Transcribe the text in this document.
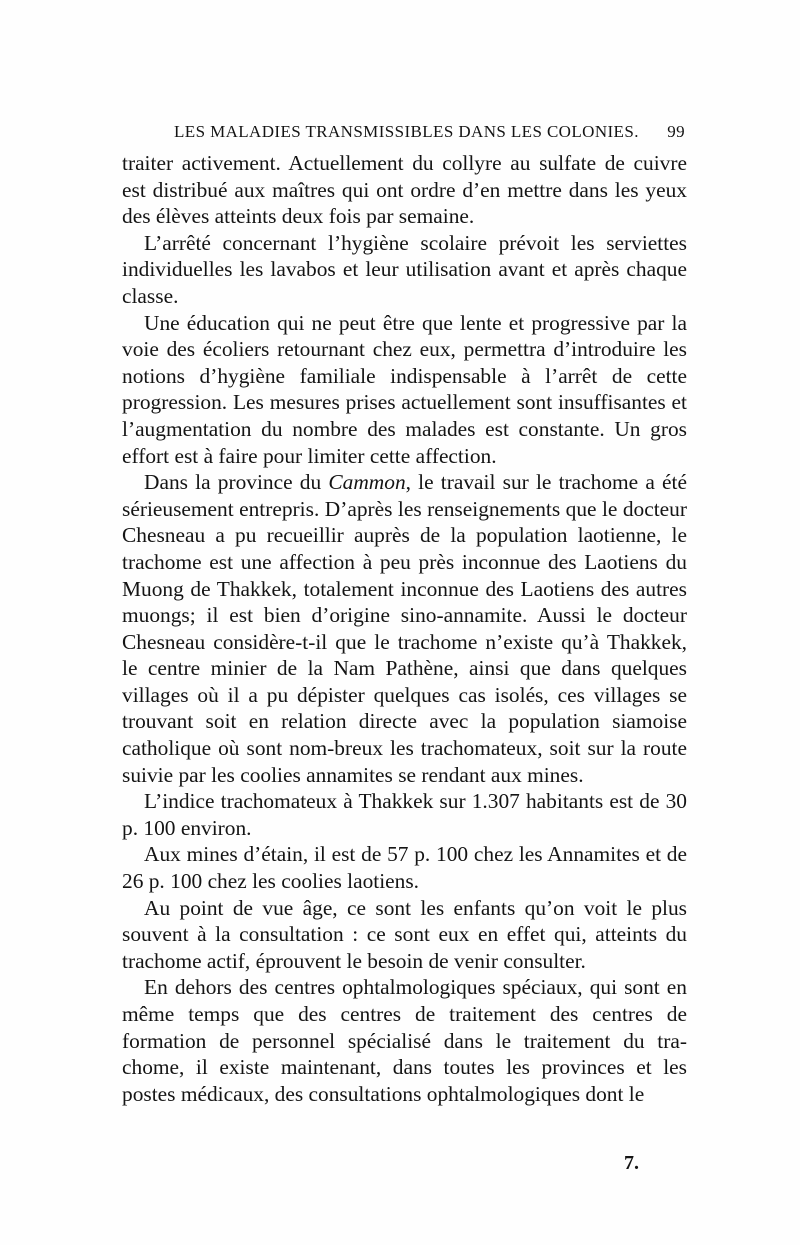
LES MALADIES TRANSMISSIBLES DANS LES COLONIES. 99

traiter activement. Actuellement du collyre au sulfate de cuivre est distribué aux maîtres qui ont ordre d’en mettre dans les yeux des élèves atteints deux fois par semaine.

L’arrêté concernant l’hygiène scolaire prévoit les serviettes individuelles les lavabos et leur utilisation avant et après chaque classe.

Une éducation qui ne peut être que lente et progressive par la voie des écoliers retournant chez eux, permettra d’introduire les notions d’hygiène familiale indispensable à l’arrêt de cette progression. Les mesures prises actuellement sont insuffisantes et l’augmentation du nombre des malades est constante. Un gros effort est à faire pour limiter cette affection.

Dans la province du Cammon, le travail sur le trachome a été sérieusement entrepris. D’après les renseignements que le docteur Chesneau a pu recueillir auprès de la population laotienne, le trachome est une affection à peu près inconnue des Laotiens du Muong de Thakkek, totalement inconnue des Laotiens des autres muongs; il est bien d’origine sino-annamite. Aussi le docteur Chesneau considère-t-il que le trachome n’existe qu’à Thakkek, le centre minier de la Nam Pathène, ainsi que dans quelques villages où il a pu dépister quelques cas isolés, ces villages se trouvant soit en relation directe avec la population siamoise catholique où sont nom-breux les trachomateux, soit sur la route suivie par les coolies annamites se rendant aux mines.

L’indice trachomateux à Thakkek sur 1.307 habitants est de 30 p. 100 environ.

Aux mines d’étain, il est de 57 p. 100 chez les Annamites et de 26 p. 100 chez les coolies laotiens.

Au point de vue âge, ce sont les enfants qu’on voit le plus souvent à la consultation : ce sont eux en effet qui, atteints du trachome actif, éprouvent le besoin de venir consulter.

En dehors des centres ophtalmologiques spéciaux, qui sont en même temps que des centres de traitement des centres de formation de personnel spécialisé dans le traitement du tra-chome, il existe maintenant, dans toutes les provinces et les postes médicaux, des consultations ophtalmologiques dont le

7.
